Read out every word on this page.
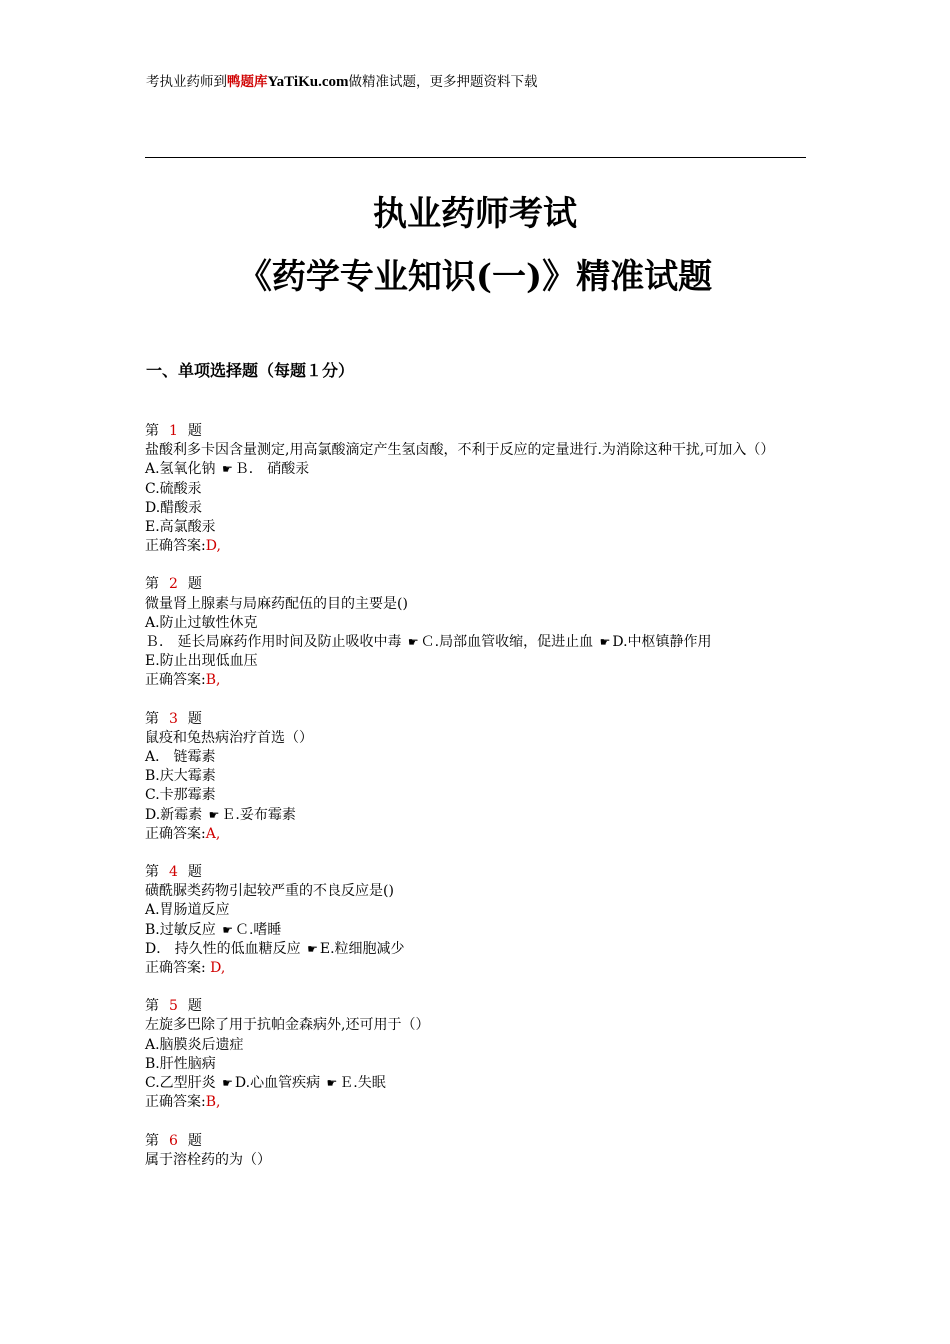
考执业药师到鸭题库YaTiKu.com做精准试题，更多押题资料下载
执业药师考试
《药学专业知识(一)》精准试题
一、单项选择题（每题１分）
第 1 题
盐酸利多卡因含量测定,用高氯酸滴定产生氢卤酸，不利于反应的定量进行.为消除这种干扰,可加入（）
A.氢氧化钠 ☛ Ｂ． 硝酸汞
C.硫酸汞
D.醋酸汞
E.高氯酸汞
正确答案:D,
第 2 题
微量肾上腺素与局麻药配伍的目的主要是()
A.防止过敏性休克
Ｂ． 延长局麻药作用时间及防止吸收中毒 ☛ Ｃ.局部血管收缩，促进止血 ☛ D.中枢镇静作用
E.防止出现低血压
正确答案:B,
第 3 题
鼠疫和兔热病治疗首选（）
A． 链霉素
B.庆大霉素
C.卡那霉素
D.新霉素 ☛ Ｅ.妥布霉素
正确答案:A,
第 4 题
磺酰脲类药物引起较严重的不良反应是()
A.胃肠道反应
B.过敏反应 ☛ Ｃ.嗜睡
D． 持久性的低血糖反应 ☛ E.粒细胞减少
正确答案: D,
第 5 题
左旋多巴除了用于抗帕金森病外,还可用于（）
A.脑膜炎后遗症
B.肝性脑病
C.乙型肝炎 ☛ D.心血管疾病 ☛ Ｅ.失眠
正确答案:B,
第 6 题
属于溶栓药的为（）
